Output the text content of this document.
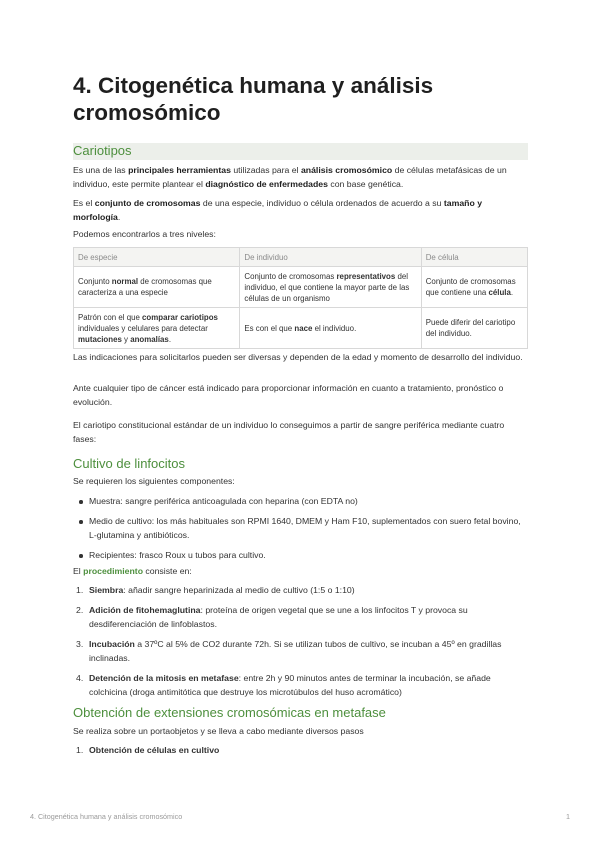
4. Citogenética humana y análisis cromosómico
Cariotipos

Es una de las principales herramientas utilizadas para el análisis cromosómico de células metafásicas de un individuo, este permite plantear el diagnóstico de enfermedades con base genética.

Es el conjunto de cromosomas de una especie, individuo o célula ordenados de acuerdo a su tamaño y morfología.

Podemos encontrarlos a tres niveles:

De especie	De individuo	De célula
Conjunto normal de cromosomas que caracteriza a una especie	Conjunto de cromosomas representativos del individuo, el que contiene la mayor parte de las células de un organismo	Conjunto de cromosomas que contiene una célula.
Patrón con el que comparar cariotipos individuales y celulares para detectar mutaciones y anomalías.	Es con el que nace el individuo.	Puede diferir del cariotipo del individuo.

Las indicaciones para solicitarlos pueden ser diversas y dependen de la edad y momento de desarrollo del individuo.

Ante cualquier tipo de cáncer está indicado para proporcionar información en cuanto a tratamiento, pronóstico o evolución.

El cariotipo constitucional estándar de un individuo lo conseguimos a partir de sangre periférica mediante cuatro fases:

Cultivo de linfocitos

Se requieren los siguientes componentes:

Muestra: sangre periférica anticoagulada con heparina (con EDTA no)
Medio de cultivo: los más habituales son RPMI 1640, DMEM y Ham F10, suplementados con suero fetal bovino, L-glutamina y antibióticos.
Recipientes: frasco Roux u tubos para cultivo.

El procedimiento consiste en:

1. Siembra: añadir sangre heparinizada al medio de cultivo (1:5 o 1:10)
2. Adición de fitohemaglutina: proteína de origen vegetal que se une a los linfocitos T y provoca su desdiferenciación de linfoblastos.
3. Incubación a 37ºC al 5% de CO2 durante 72h. Si se utilizan tubos de cultivo, se incuban a 45º en gradillas inclinadas.
4. Detención de la mitosis en metafase: entre 2h y 90 minutos antes de terminar la incubación, se añade colchicina (droga antimitótica que destruye los microtúbulos del huso acromático)
Obtención de extensiones cromosómicas en metafase

Se realiza sobre un portaobjetos y se lleva a cabo mediante diversos pasos

1. Obtención de células en cultivo
4. Citogenética humana y análisis cromosómico	1
